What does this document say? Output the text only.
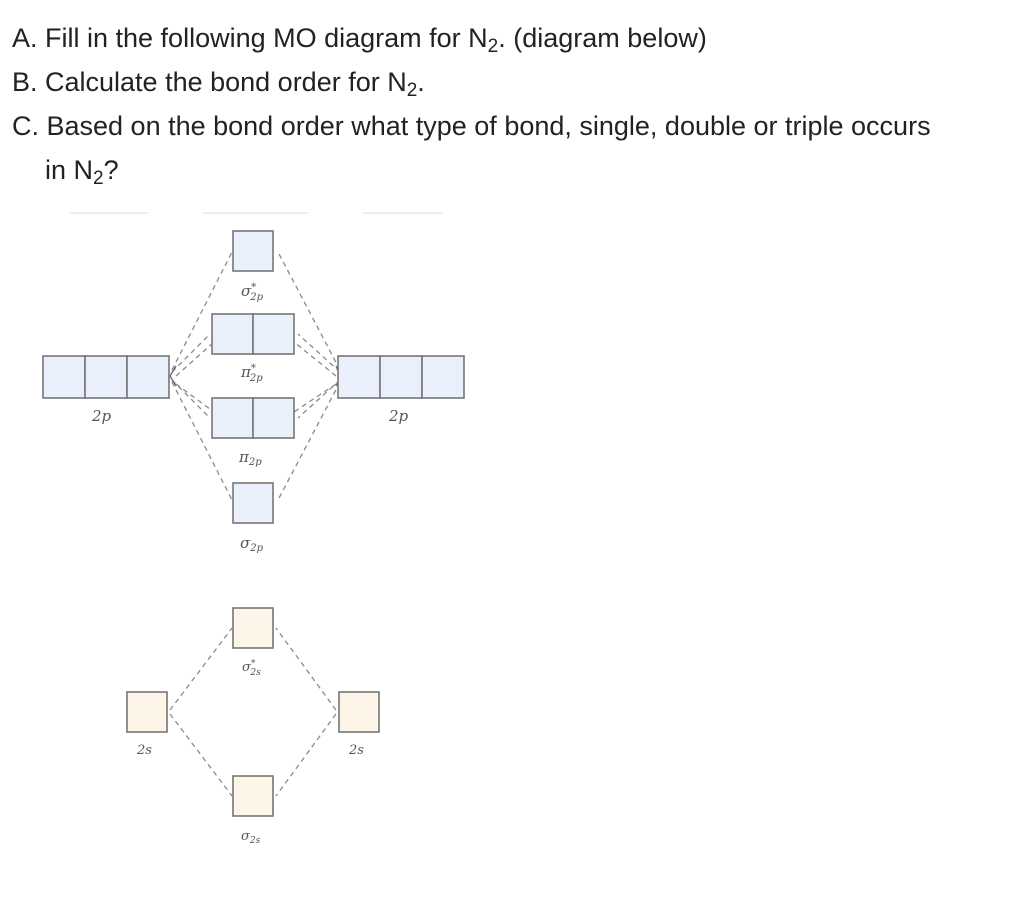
A. Fill in the following MO diagram for $N_2$. (diagram below)
B. Calculate the bond order for $N_2$.
C. Based on the bond order what type of bond, single, double or triple occurs
in $N_2$?
2p	2p
2s	2s
σ* 2p
π* 2p
$\pi_{2p}$
$\sigma_{2p}$
σ* 2s
$\sigma_{2s}$
